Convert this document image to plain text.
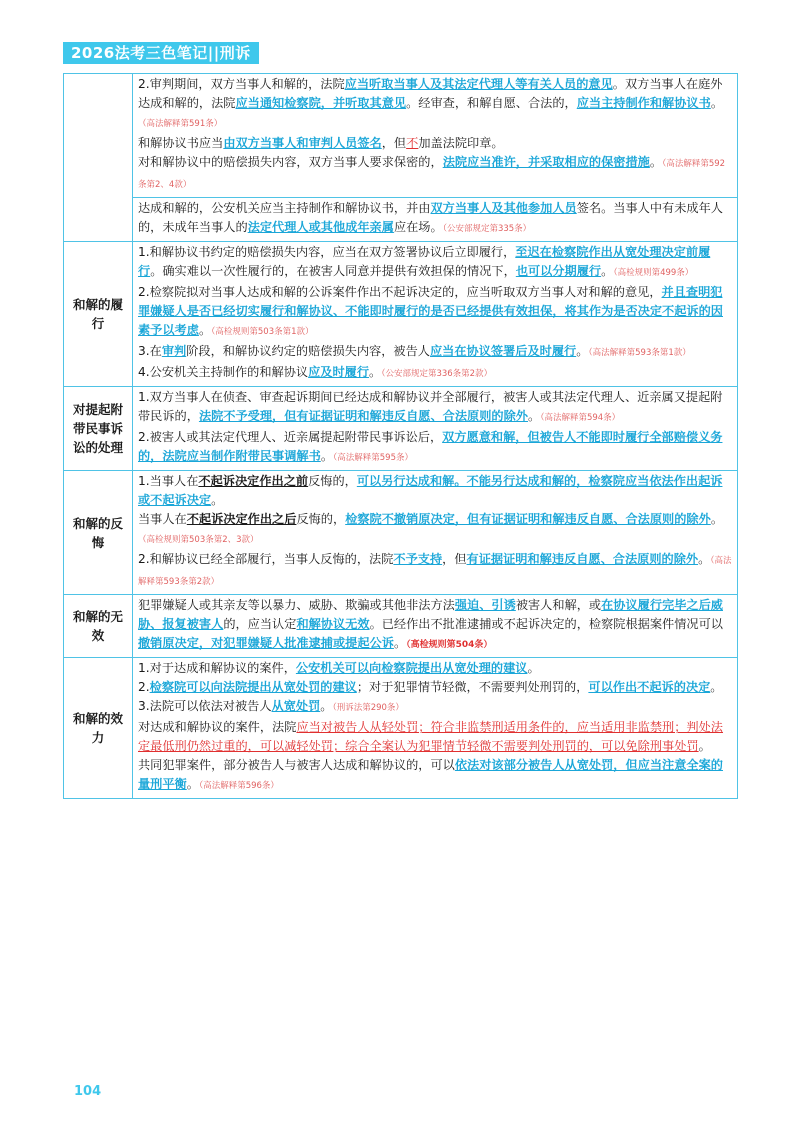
2026法考三色笔记||刑诉

	2.审判期间，双方当事人和解的，法院应当听取当事人及其法定代理人等有关人员的意见。双方当事人在庭外达成和解的，法院应当通知检察院，并听取其意见。经审查，和解自愿、合法的，应当主持制作和解协议书。（高法解释第591条）

和解协议书应当由双方当事人和审判人员签名，但不加盖法院印章。

对和解协议中的赔偿损失内容，双方当事人要求保密的，法院应当准许，并采取相应的保密措施。（高法解释第592条第2、4款）

	达成和解的，公安机关应当主持制作和解协议书，并由双方当事人及其他参加人员签名。当事人中有未成年人的，未成年当事人的法定代理人或其他成年亲属应在场。（公安部规定第335条）

和解的履行	1.和解协议书约定的赔偿损失内容，应当在双方签署协议后立即履行，至迟在检察院作出从宽处理决定前履行。确实难以一次性履行的，在被害人同意并提供有效担保的情况下，也可以分期履行。（高检规则第499条）

2.检察院拟对当事人达成和解的公诉案件作出不起诉决定的，应当听取双方当事人对和解的意见，并且查明犯罪嫌疑人是否已经切实履行和解协议、不能即时履行的是否已经提供有效担保，将其作为是否决定不起诉的因素予以考虑。（高检规则第503条第1款）

3.在审判阶段，和解协议约定的赔偿损失内容，被告人应当在协议签署后及时履行。（高法解释第593条第1款）

4.公安机关主持制作的和解协议应及时履行。（公安部规定第336条第2款）

对提起附带民事诉讼的处理	1.双方当事人在侦查、审查起诉期间已经达成和解协议并全部履行，被害人或其法定代理人、近亲属又提起附带民诉的，法院不予受理，但有证据证明和解违反自愿、合法原则的除外。（高法解释第594条）

2.被害人或其法定代理人、近亲属提起附带民事诉讼后，双方愿意和解，但被告人不能即时履行全部赔偿义务的，法院应当制作附带民事调解书。（高法解释第595条）

和解的反悔	1.当事人在不起诉决定作出之前反悔的，可以另行达成和解。不能另行达成和解的，检察院应当依法作出起诉或不起诉决定。

当事人在不起诉决定作出之后反悔的，检察院不撤销原决定，但有证据证明和解违反自愿、合法原则的除外。（高检规则第503条第2、3款）

2.和解协议已经全部履行，当事人反悔的，法院不予支持，但有证据证明和解违反自愿、合法原则的除外。（高法解释第593条第2款）

和解的无效	犯罪嫌疑人或其亲友等以暴力、威胁、欺骗或其他非法方法强迫、引诱被害人和解，或在协议履行完毕之后威胁、报复被害人的，应当认定和解协议无效。已经作出不批准逮捕或不起诉决定的，检察院根据案件情况可以撤销原决定，对犯罪嫌疑人批准逮捕或提起公诉。（高检规则第504条）

和解的效力	1.对于达成和解协议的案件，公安机关可以向检察院提出从宽处理的建议。

2.检察院可以向法院提出从宽处罚的建议；对于犯罪情节轻微，不需要判处刑罚的，可以作出不起诉的决定。

3.法院可以依法对被告人从宽处罚。（刑诉法第290条）

对达成和解协议的案件，法院应当对被告人从轻处罚；符合非监禁刑适用条件的，应当适用非监禁刑；判处法定最低刑仍然过重的，可以减轻处罚；综合全案认为犯罪情节轻微不需要判处刑罚的，可以免除刑事处罚。

共同犯罪案件，部分被告人与被害人达成和解协议的，可以依法对该部分被告人从宽处罚，但应当注意全案的量刑平衡。（高法解释第596条）

104
